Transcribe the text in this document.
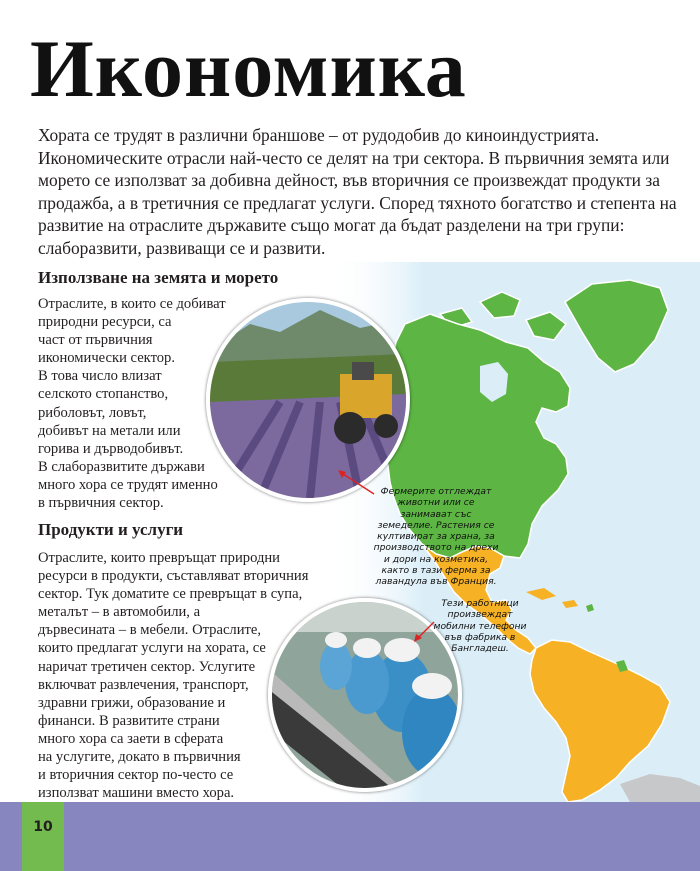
Икономика

Хората се трудят в различни браншове – от рудодобив до киноиндустрията. Икономическите отрасли най-често се делят на три сектора. В първичния земята или морето се използват за добивна дейност, във вторичния се произвеждат продукти за продажба, а в третичния се предлагат услуги. Според тяхното богатство и степента на развитие на отраслите държавите също могат да бъдат разделени на три групи: слаборазвити, развиващи се и развити.

Използване на земята и морето

Отраслите, в които се добиват
природни ресурси, са
част от първичния
икономически сектор.
В това число влизат
селското стопанство,
риболовът, ловът,
добивът на метали или
горива и дърводобивът.
В слаборазвитите държави
много хора се трудят именно
в първичния сектор.

Фермерите отглеждат
животни или се
занимават със
земеделие. Растения се
култивират за храна, за
производството на дрехи
и дори на козметика,
както в тази ферма за
лавандула във Франция.
Продукти и услуги

Отраслите, които превръщат природни
ресурси в продукти, съставляват вторичния
сектор. Тук доматите се превръщат в супа,
металът – в автомобили, а
дървесината – в мебели. Отраслите,
които предлагат услуги на хората, се
наричат третичен сектор. Услугите
включват развлечения, транспорт,
здравни грижи, образование и
финанси. В развитите страни
много хора са заети в сферата
на услугите, докато в първичния
и вторичния сектор по-често се
използват машини вместо хора.

Тези работници
произвеждат
мобилни телефони
във фабрика в
Бангладеш.
10
